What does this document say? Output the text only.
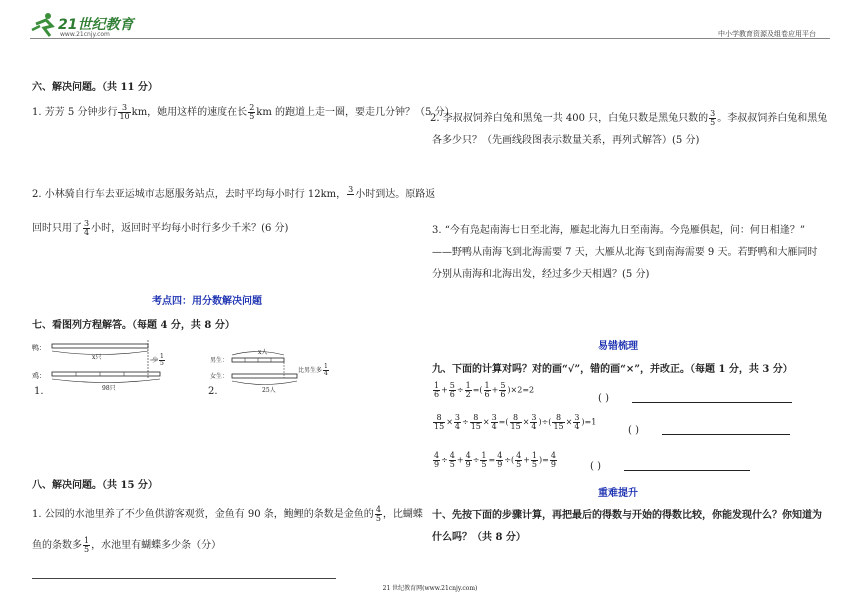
21世纪教育
www.21cnjy.com	中小学教育资源及组卷应用平台
六、解决问题。（共 11 分）
1. 芳芳 5 分钟步行 $\frac{3}{10}$ km，她用这样的速度在长 $\frac{2}{5}$ km 的跑道上走一圈，要走几分钟？（5 分）
2. 小林骑自行车去亚运城市志愿服务站点，去时平均每小时行 12km， 3
小时到达。原路返
回时只用了 $\frac{3}{4}$ 小时，返回时平均每小时行多少千米？(6 分)
考点四：用分数解决问题
七、看图列方程解答。（每题 4 分，共 8 分）
鸭：
鸡：
x只	少 $\frac{1}{5}$
98只
1.
男生：
女生：
x人
比男生多 $\frac{1}{4}$
25人
2.
八、解决问题。（共 15 分）
1. 公园的水池里养了不少鱼供游客观赏，金鱼有 90 条，鲍鲤的条数是金鱼的 $\frac{4}{5}$ ，比蝴蝶
鱼的条数多 $\frac{1}{5}$ ，水池里有蝴蝶多少条（分）
2. 李叔叔饲养白兔和黑兔一共 400 只，白兔只数是黑兔只数的 $\frac{3}{5}$ 。李叔叔饲养白兔和黑兔
各多少只？（先画线段图表示数量关系，再列式解答）(5 分)
3. “今有凫起南海七日至北海，雁起北海九日至南海。今凫雁俱起，问：何日相逢？”
——野鸭从南海飞到北海需要 7 天，大雁从北海飞到南海需要 9 天。若野鸭和大雁同时
分别从南海和北海出发，经过多少天相遇？(5 分)
易错梳理
九、下面的计算对吗？对的画“√”，错的画“×”，并改正。（每题 1 分，共 3 分）
$\frac{1}{6} + \frac{5}{6} \div \frac{1}{2}$ =( $\frac{1}{6} + \frac{5}{6} )\times 2=2$
( )
$\frac{8}{15} \times \frac{3}{4} \div \frac{8}{15} \times \frac{3}{4}$ =( $\frac{8}{15} \times \frac{3}{4}$ )÷( $\frac{8}{15} \times \frac{3}{4} )=1$
( )
$\frac{4}{9} \div \frac{4}{5} + \frac{4}{9} \div \frac{1}{5} = \frac{4}{9}$ ÷( $\frac{4}{5} + \frac{1}{5}$ )= $\frac{4}{9}$	( )
重难提升
十、先按下面的步骤计算，再把最后的得数与开始的得数比较，你能发现什么？你知道为
什么吗？（共 8 分）
21 世纪教育网(www.21cnjy.com)
